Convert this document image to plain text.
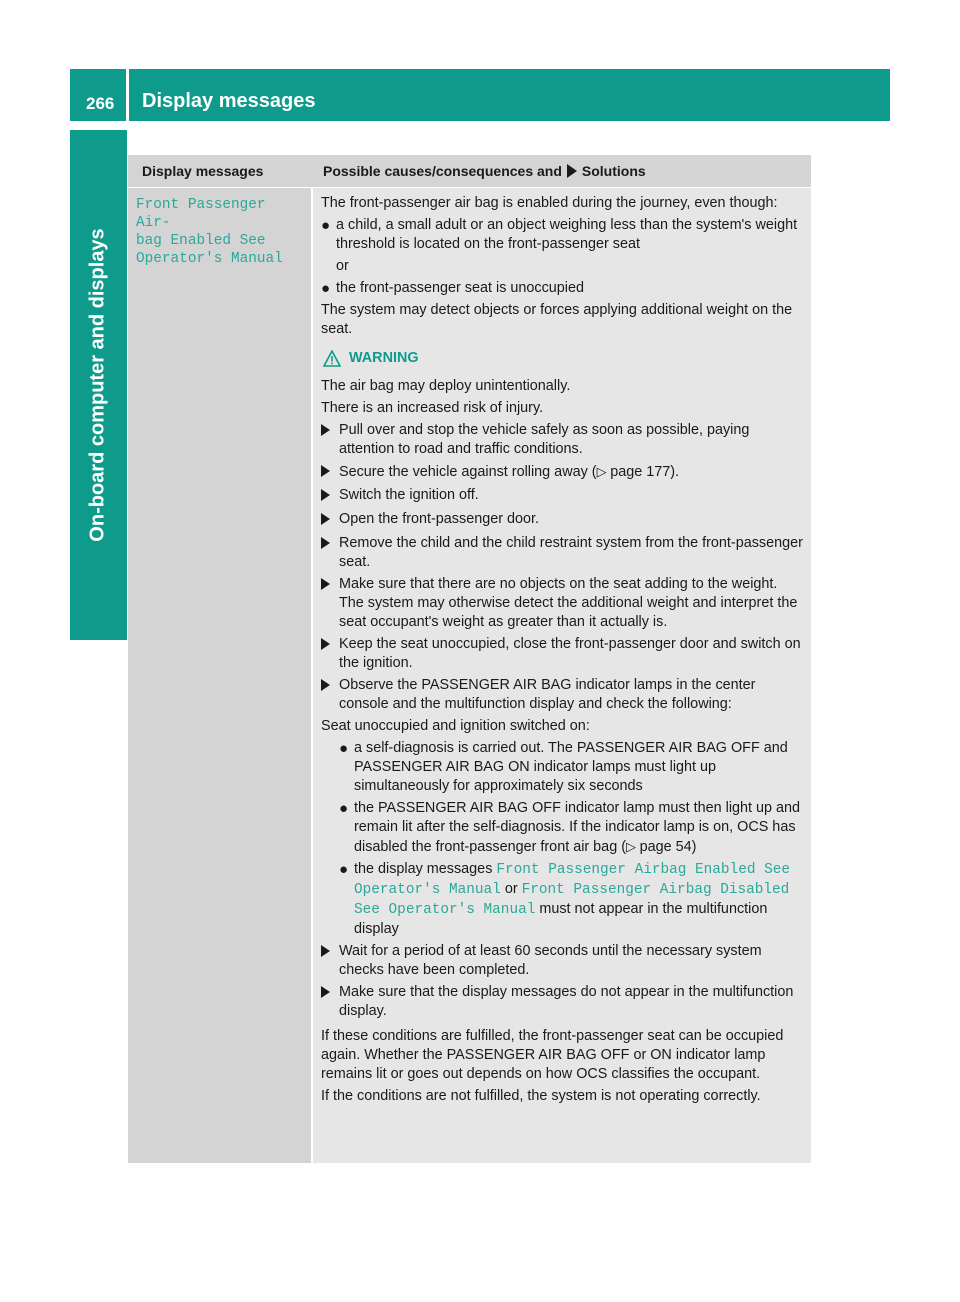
266	Display messages
On-board computer and displays
Display messages	Possible causes/consequences and Solutions
Front Passenger Air‐
bag Enabled See
Operator's Manual

The front-passenger air bag is enabled during the journey, even though:

● a child, a small adult or an object weighing less than the system's weight threshold is located on the front-passenger seat

or

● the front-passenger seat is unoccupied

The system may detect objects or forces applying additional weight on the seat.

WARNING

The air bag may deploy unintentionally.

There is an increased risk of injury.

Pull over and stop the vehicle safely as soon as possible, paying attention to road and traffic conditions.
Secure the vehicle against rolling away (▷ page 177).
Switch the ignition off.
Open the front-passenger door.
Remove the child and the child restraint system from the front-passenger seat.
Make sure that there are no objects on the seat adding to the weight.
The system may otherwise detect the additional weight and interpret the seat occupant's weight as greater than it actually is.
Keep the seat unoccupied, close the front-passenger door and switch on the ignition.
Observe the PASSENGER AIR BAG indicator lamps in the center console and the multifunction display and check the following:

Seat unoccupied and ignition switched on:

● a self-diagnosis is carried out. The PASSENGER AIR BAG OFF and PASSENGER AIR BAG ON indicator lamps must light up simultaneously for approximately six seconds
● the PASSENGER AIR BAG OFF indicator lamp must then light up and remain lit after the self-diagnosis. If the indicator lamp is on, OCS has disabled the front-passenger front air bag (▷ page 54)
● the display messages Front Passenger Airbag Enabled See Operator's Manual or Front Passenger Airbag Disabled See Operator's Manual must not appear in the multifunction display
Wait for a period of at least 60 seconds until the necessary system checks have been completed.
Make sure that the display messages do not appear in the multifunction display.

If these conditions are fulfilled, the front-passenger seat can be occupied again. Whether the PASSENGER AIR BAG OFF or ON indicator lamp remains lit or goes out depends on how OCS classifies the occupant.

If the conditions are not fulfilled, the system is not operating correctly.
